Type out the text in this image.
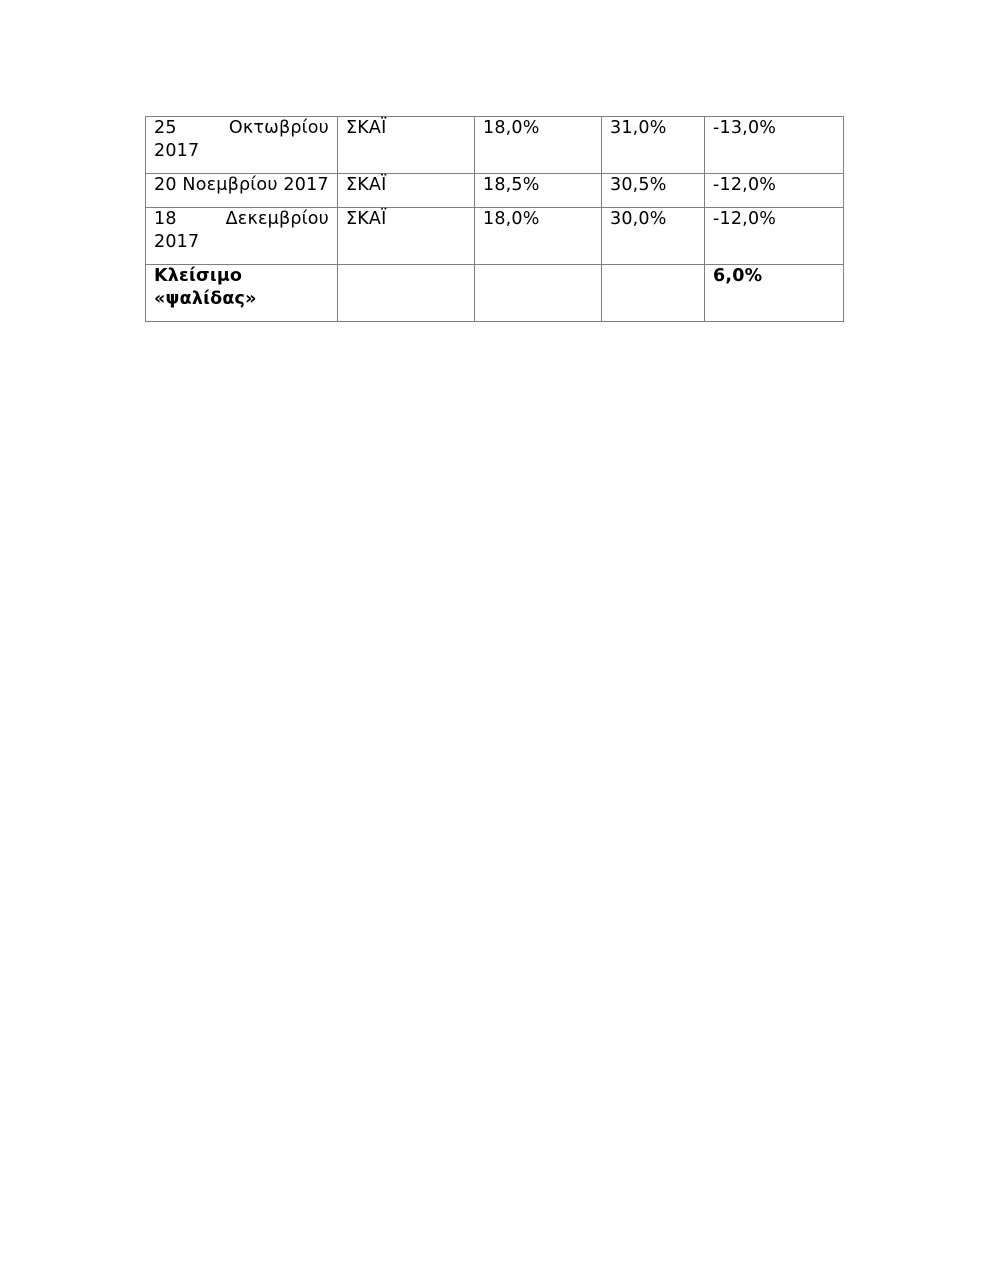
25 Οκτωβρίου 2017	ΣΚΑΪ	18,0%	31,0%	-13,0%
20 Νοεμβρίου 2017	ΣΚΑΪ	18,5%	30,5%	-12,0%
18 Δεκεμβρίου 2017	ΣΚΑΪ	18,0%	30,0%	-12,0%
Κλείσιμο «ψαλίδας»				6,0%
